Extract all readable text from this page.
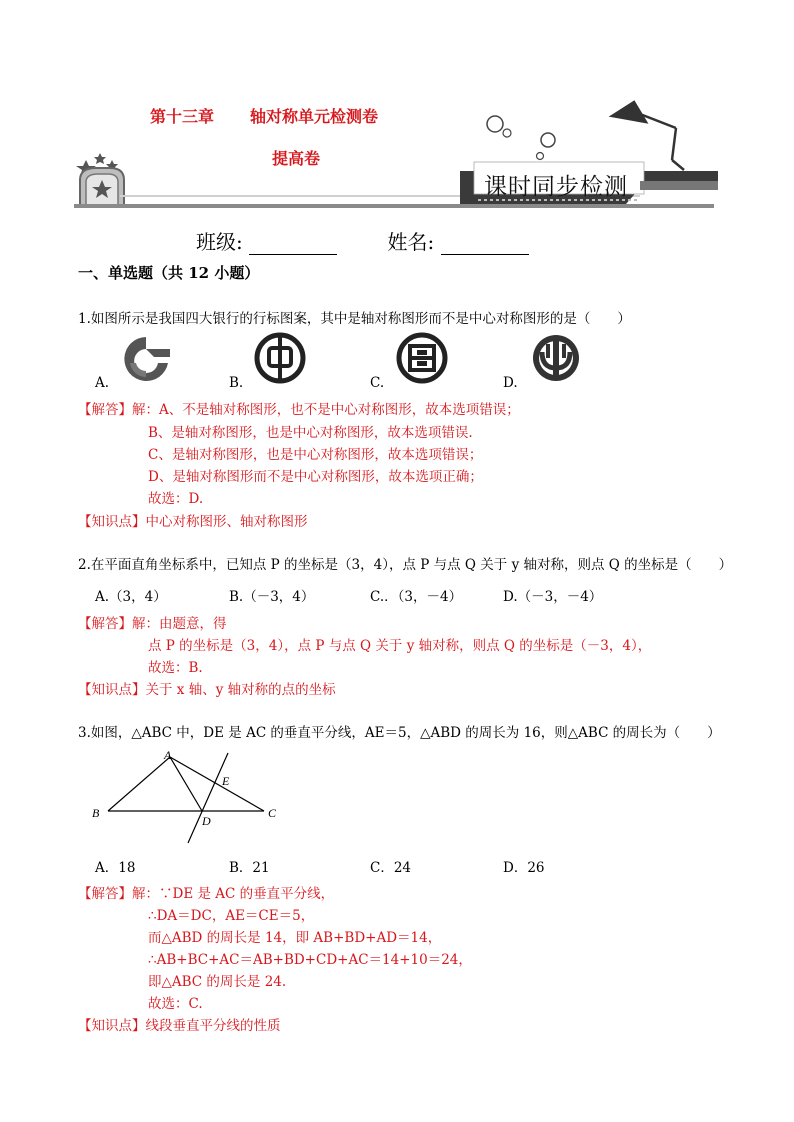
第十三章 轴对称单元检测卷
提高卷
课时同步检测
班级:	姓名:
一、单选题（共 12 小题）
1.如图所示是我国四大银行的行标图案，其中是轴对称图形而不是中心对称图形的是（　　）
A.	B.	C.	D.
【解答】解：A、不是轴对称图形，也不是中心对称图形，故本选项错误；
B、是轴对称图形，也是中心对称图形，故本选项错误.
C、是轴对称图形，也是中心对称图形，故本选项错误；
D、是轴对称图形而不是中心对称图形，故本选项正确；
故选：D.
【知识点】中心对称图形、轴对称图形
2.在平面直角坐标系中，已知点 P 的坐标是（3，4），点 P 与点 Q 关于 y 轴对称，则点 Q 的坐标是（　　）
A.（3，4）	B.（－3，4）	C.．（3，－4）	D.（－3，－4）
【解答】解：由题意，得
点 P 的坐标是（3，4），点 P 与点 Q 关于 y 轴对称，则点 Q 的坐标是（－3，4），
故选：B.
【知识点】关于 x 轴、y 轴对称的点的坐标
3.如图，△ABC 中，DE 是 AC 的垂直平分线，AE＝5，△ABD 的周长为 16，则△ABC 的周长为（　　）
A
B	C
D
E
A．18	B．21	C．24	D．26
【解答】解：∵DE 是 AC 的垂直平分线，
∴DA＝DC，AE＝CE＝5，
而△ABD 的周长是 14，即 AB+BD+AD＝14，
∴AB+BC+AC＝AB+BD+CD+AC＝14+10＝24，
即△ABC 的周长是 24.
故选：C.
【知识点】线段垂直平分线的性质
